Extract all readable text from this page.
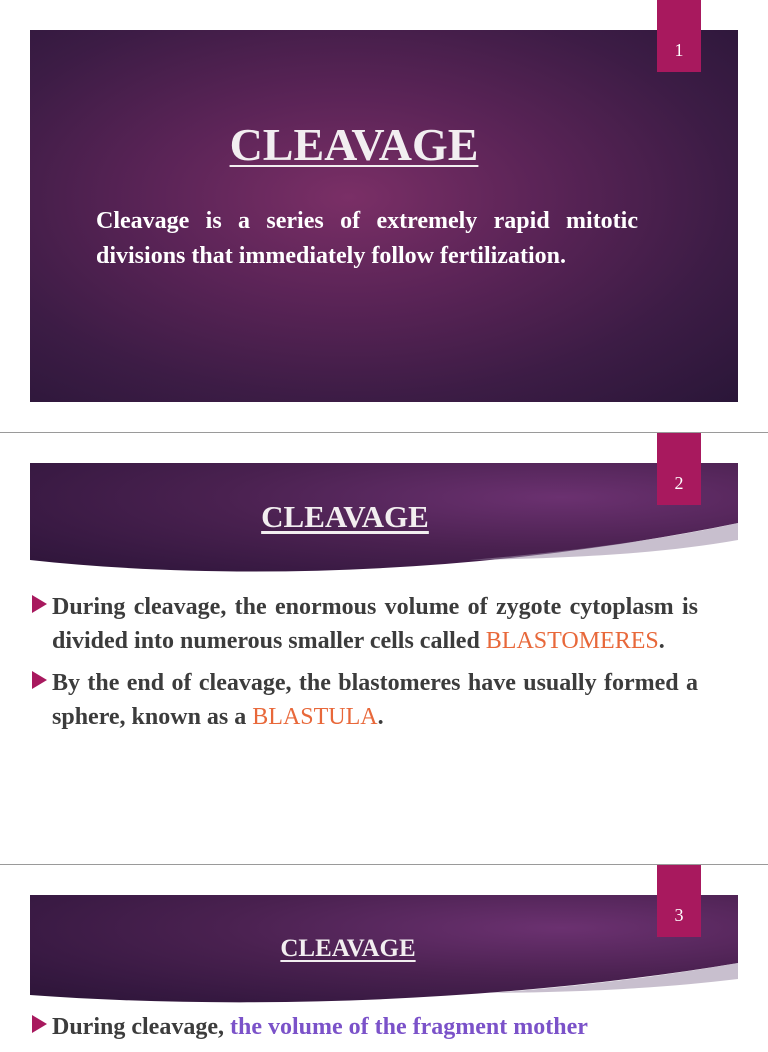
CLEAVAGE
Cleavage is a series of extremely rapid mitotic divisions that immediately follow fertilization.
1
CLEAVAGE
2
During cleavage, the enormous volume of zygote cytoplasm is divided into numerous smaller cells called BLASTOMERES.
By the end of cleavage, the blastomeres have usually formed a sphere, known as a BLASTULA.
CLEAVAGE
3
During cleavage, the volume of the fragment mother
